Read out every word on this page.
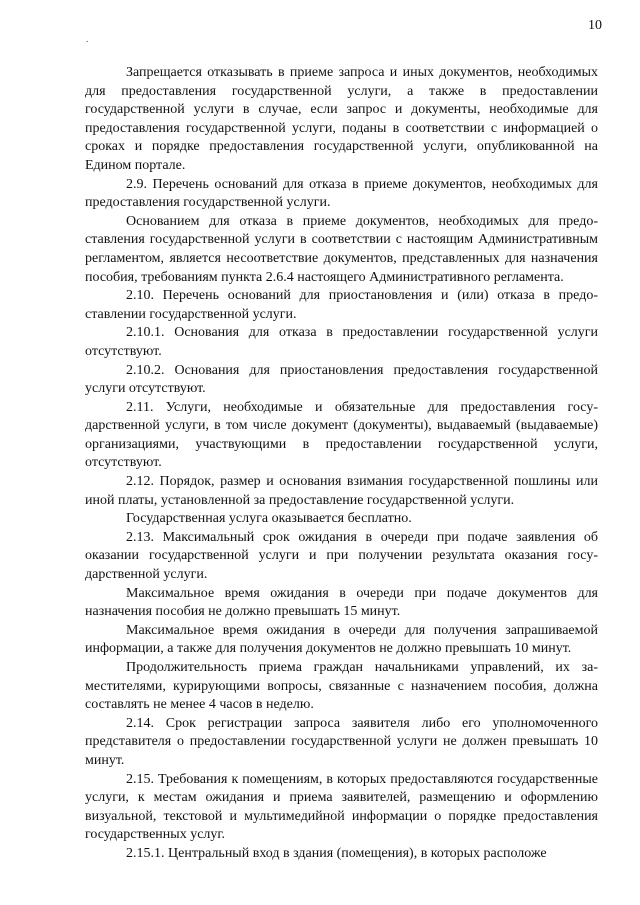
10
.

Запрещается отказывать в приеме запроса и иных документов, необходимых для предоставления государственной услуги, а также в предоставлении государственной услуги в случае, если запрос и документы, необходимые для предоставления государственной услуги, поданы в соответствии с информацией о сроках и порядке предоставления государственной услуги, опубликованной на Едином портале.

2.9. Перечень оснований для отказа в приеме документов, необходимых для предоставления государственной услуги.

Основанием для отказа в приеме документов, необходимых для предоставления государственной услуги в соответствии с настоящим Административным регламентом, является несоответствие документов, представленных для назначения пособия, требованиям пункта 2.6.4 настоящего Административного регламента.

2.10. Перечень оснований для приостановления и (или) отказа в предоставлении государственной услуги.

2.10.1. Основания для отказа в предоставлении государственной услуги отсутствуют.

2.10.2. Основания для приостановления предоставления государственной услуги отсутствуют.

2.11. Услуги, необходимые и обязательные для предоставления государственной услуги, в том числе документ (документы), выдаваемый (выдаваемые) организациями, участвующими в предоставлении государственной услуги, отсутствуют.

2.12. Порядок, размер и основания взимания государственной пошлины или иной платы, установленной за предоставление государственной услуги.

Государственная услуга оказывается бесплатно.

2.13. Максимальный срок ожидания в очереди при подаче заявления об оказании государственной услуги и при получении результата оказания государственной услуги.

Максимальное время ожидания в очереди при подаче документов для назначения пособия не должно превышать 15 минут.

Максимальное время ожидания в очереди для получения запрашиваемой информации, а также для получения документов не должно превышать 10 минут.

Продолжительность приема граждан начальниками управлений, их заместителями, курирующими вопросы, связанные с назначением пособия, должна составлять не менее 4 часов в неделю.

2.14. Срок регистрации запроса заявителя либо его уполномоченного представителя о предоставлении государственной услуги не должен превышать 10 минут.

2.15. Требования к помещениям, в которых предоставляются государственные услуги, к местам ожидания и приема заявителей, размещению и оформлению визуальной, текстовой и мультимедийной информации о порядке предоставления государственных услуг.

2.15.1. Центральный вход в здания (помещения), в которых расположе
